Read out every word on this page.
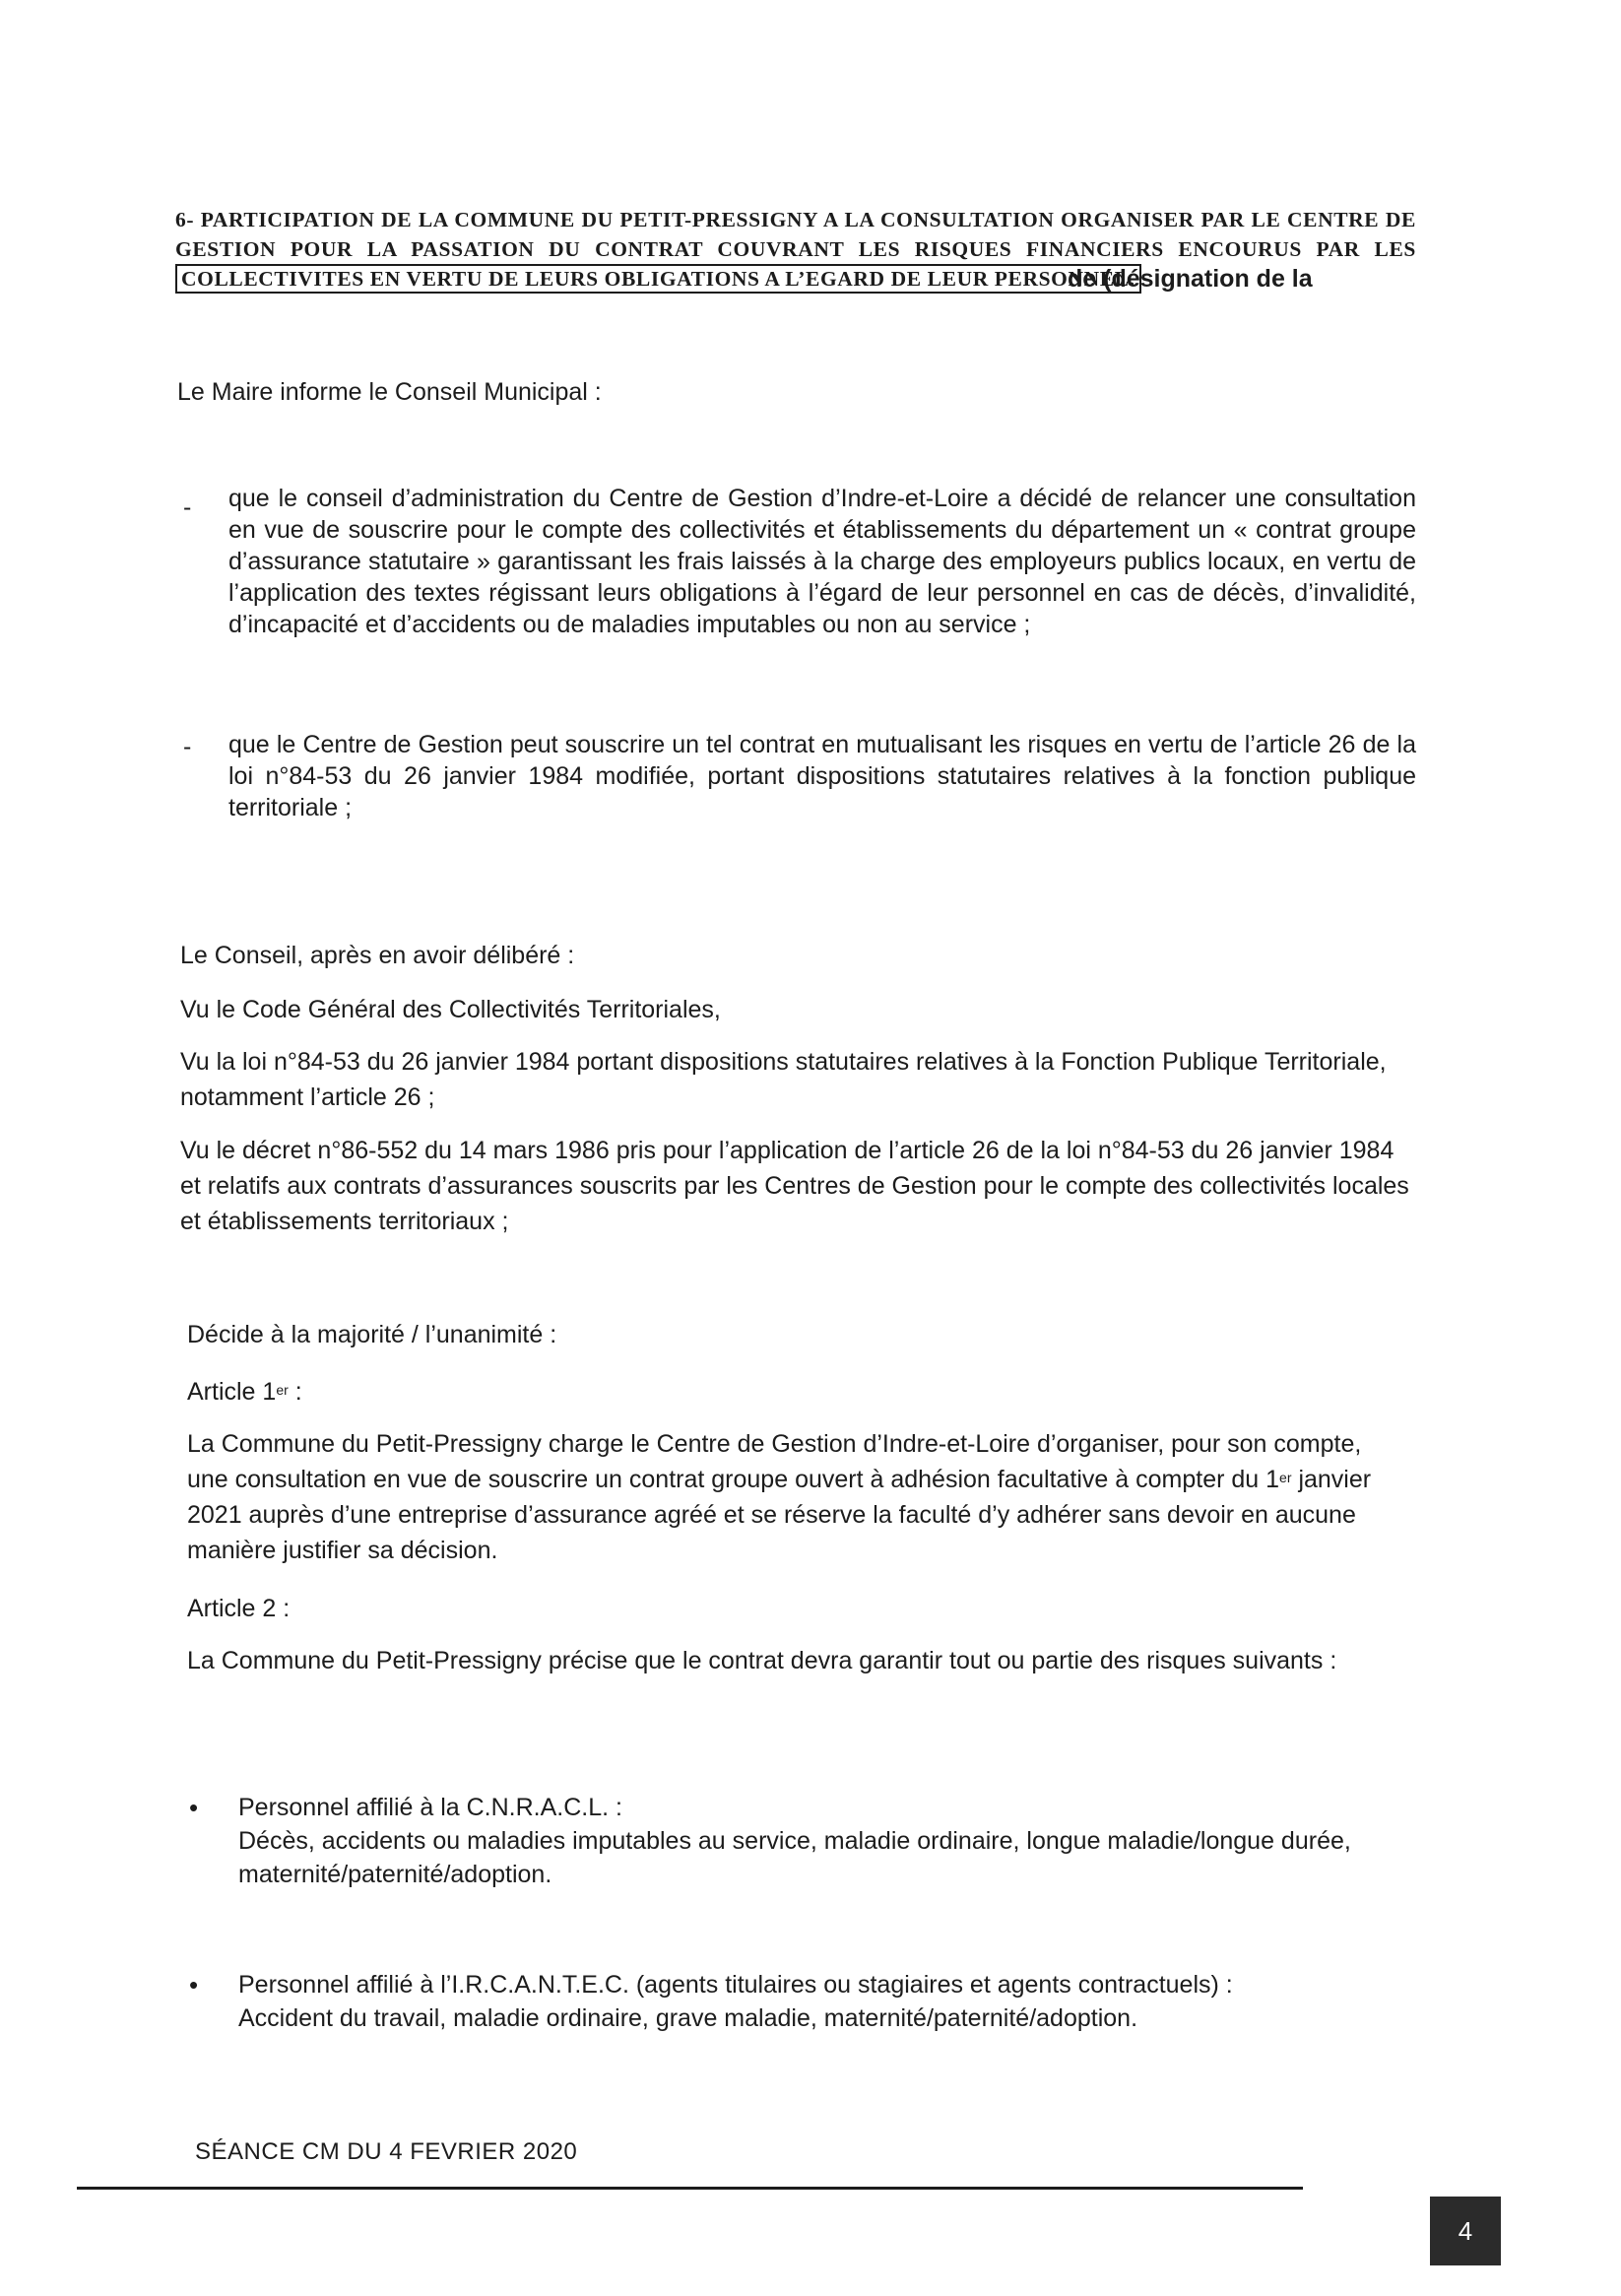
6- PARTICIPATION DE LA COMMUNE DU PETIT-PRESSIGNY A LA CONSULTATION ORGANISER PAR LE CENTRE DE
GESTION POUR LA PASSATION DU CONTRAT COUVRANT LES RISQUES FINANCIERS ENCOURUS PAR LES
COLLECTIVITES EN VERTU DE LEURS OBLIGATIONS A L’EGARD DE LEUR PERSONNEL.
de (désignation de la
Le Maire informe le Conseil Municipal :
- que le conseil d’administration du Centre de Gestion d’Indre-et-Loire a décidé de relancer une consultation en vue de souscrire pour le compte des collectivités et établissements du département un « contrat groupe d’assurance statutaire » garantissant les frais laissés à la charge des employeurs publics locaux, en vertu de l’application des textes régissant leurs obligations à l’égard de leur personnel en cas de décès, d’invalidité, d’incapacité et d’accidents ou de maladies imputables ou non au service ;
- que le Centre de Gestion peut souscrire un tel contrat en mutualisant les risques en vertu de l’article 26 de la loi n°84-53 du 26 janvier 1984 modifiée, portant dispositions statutaires relatives à la fonction publique territoriale ;
Le Conseil, après en avoir délibéré :
Vu le Code Général des Collectivités Territoriales,
Vu la loi n°84-53 du 26 janvier 1984 portant dispositions statutaires relatives à la Fonction Publique Territoriale, notamment l’article 26 ;
Vu le décret n°86-552 du 14 mars 1986 pris pour l’application de l’article 26 de la loi n°84-53 du 26 janvier 1984 et relatifs aux contrats d’assurances souscrits par les Centres de Gestion pour le compte des collectivités locales et établissements territoriaux ;
Décide à la majorité / l’unanimité :
Article 1er :
La Commune du Petit-Pressigny charge le Centre de Gestion d’Indre-et-Loire d’organiser, pour son compte, une consultation en vue de souscrire un contrat groupe ouvert à adhésion facultative à compter du 1er janvier 2021 auprès d’une entreprise d’assurance agréé et se réserve la faculté d’y adhérer sans devoir en aucune manière justifier sa décision.
Article 2 :
La Commune du Petit-Pressigny précise que le contrat devra garantir tout ou partie des risques suivants :
• Personnel affilié à la C.N.R.A.C.L. :
Décès, accidents ou maladies imputables au service, maladie ordinaire, longue maladie/longue durée, maternité/paternité/adoption.
• Personnel affilié à l’I.R.C.A.N.T.E.C. (agents titulaires ou stagiaires et agents contractuels) :
Accident du travail, maladie ordinaire, grave maladie, maternité/paternité/adoption.
SÉANCE CM DU 4 FEVRIER 2020
4
